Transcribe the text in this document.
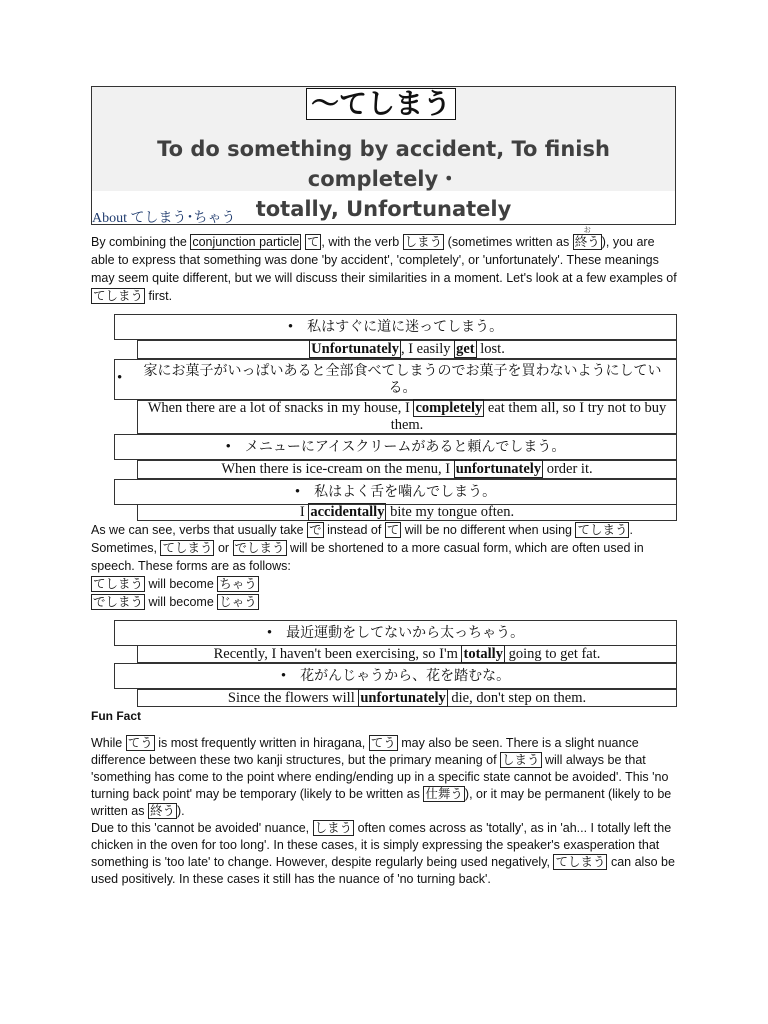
〜てしまう
To do something by accident, To finish completely・
totally, Unfortunately
About てしまう･ちゃう
By combining the conjunction particle て , with the verb しまう (sometimes written as
お
終う ), you are able to express that something was done 'by accident', 'completely', or 'unfortunately'. These meanings may seem quite different, but we will discuss their similarities in a moment. Let's look at a few examples of てしまう first.
• 私はすぐに道に迷ってしまう。
Unfortunately , I easily get lost.
•	家にお菓子がいっぱいあると全部食べてしまうのでお菓子を買わないようにしている。
When there are a lot of snacks in my house, I completely eat them all, so I try not to buy them.
• メニューにアイスクリームがあると頼んでしまう。
When there is ice-cream on the menu, I unfortunately order it.
• 私はよく舌を噛んでしまう。
I accidentally bite my tongue often.
As we can see, verbs that usually take で instead of て will be no different when using てしまう . Sometimes, てしまう or でしまう will be shortened to a more casual form, which are often used in speech. These forms are as follows:
てしまう will become ちゃう
でしまう will become じゃう
• 最近運動をしてないから太っちゃう。
Recently, I haven't been exercising, so I'm totally going to get fat.
• 花がんじゃうから、花を踏むな。
Since the flowers will unfortunately die, don't step on them.
Fun Fact
While てう is most frequently written in hiragana, てう may also be seen. There is a slight nuance difference between these two kanji structures, but the primary meaning of しまう will always be that 'something has come to the point where ending/ending up in a specific state cannot be avoided'. This 'no turning back point' may be temporary (likely to be written as 仕舞う ), or it may be permanent (likely to be written as 終う ).
Due to this 'cannot be avoided' nuance, しまう often comes across as 'totally', as in 'ah... I totally left the chicken in the oven for too long'. In these cases, it is simply expressing the speaker's exasperation that something is 'too late' to change. However, despite regularly being used negatively, てしまう can also be used positively. In these cases it still has the nuance of 'no turning back'.
